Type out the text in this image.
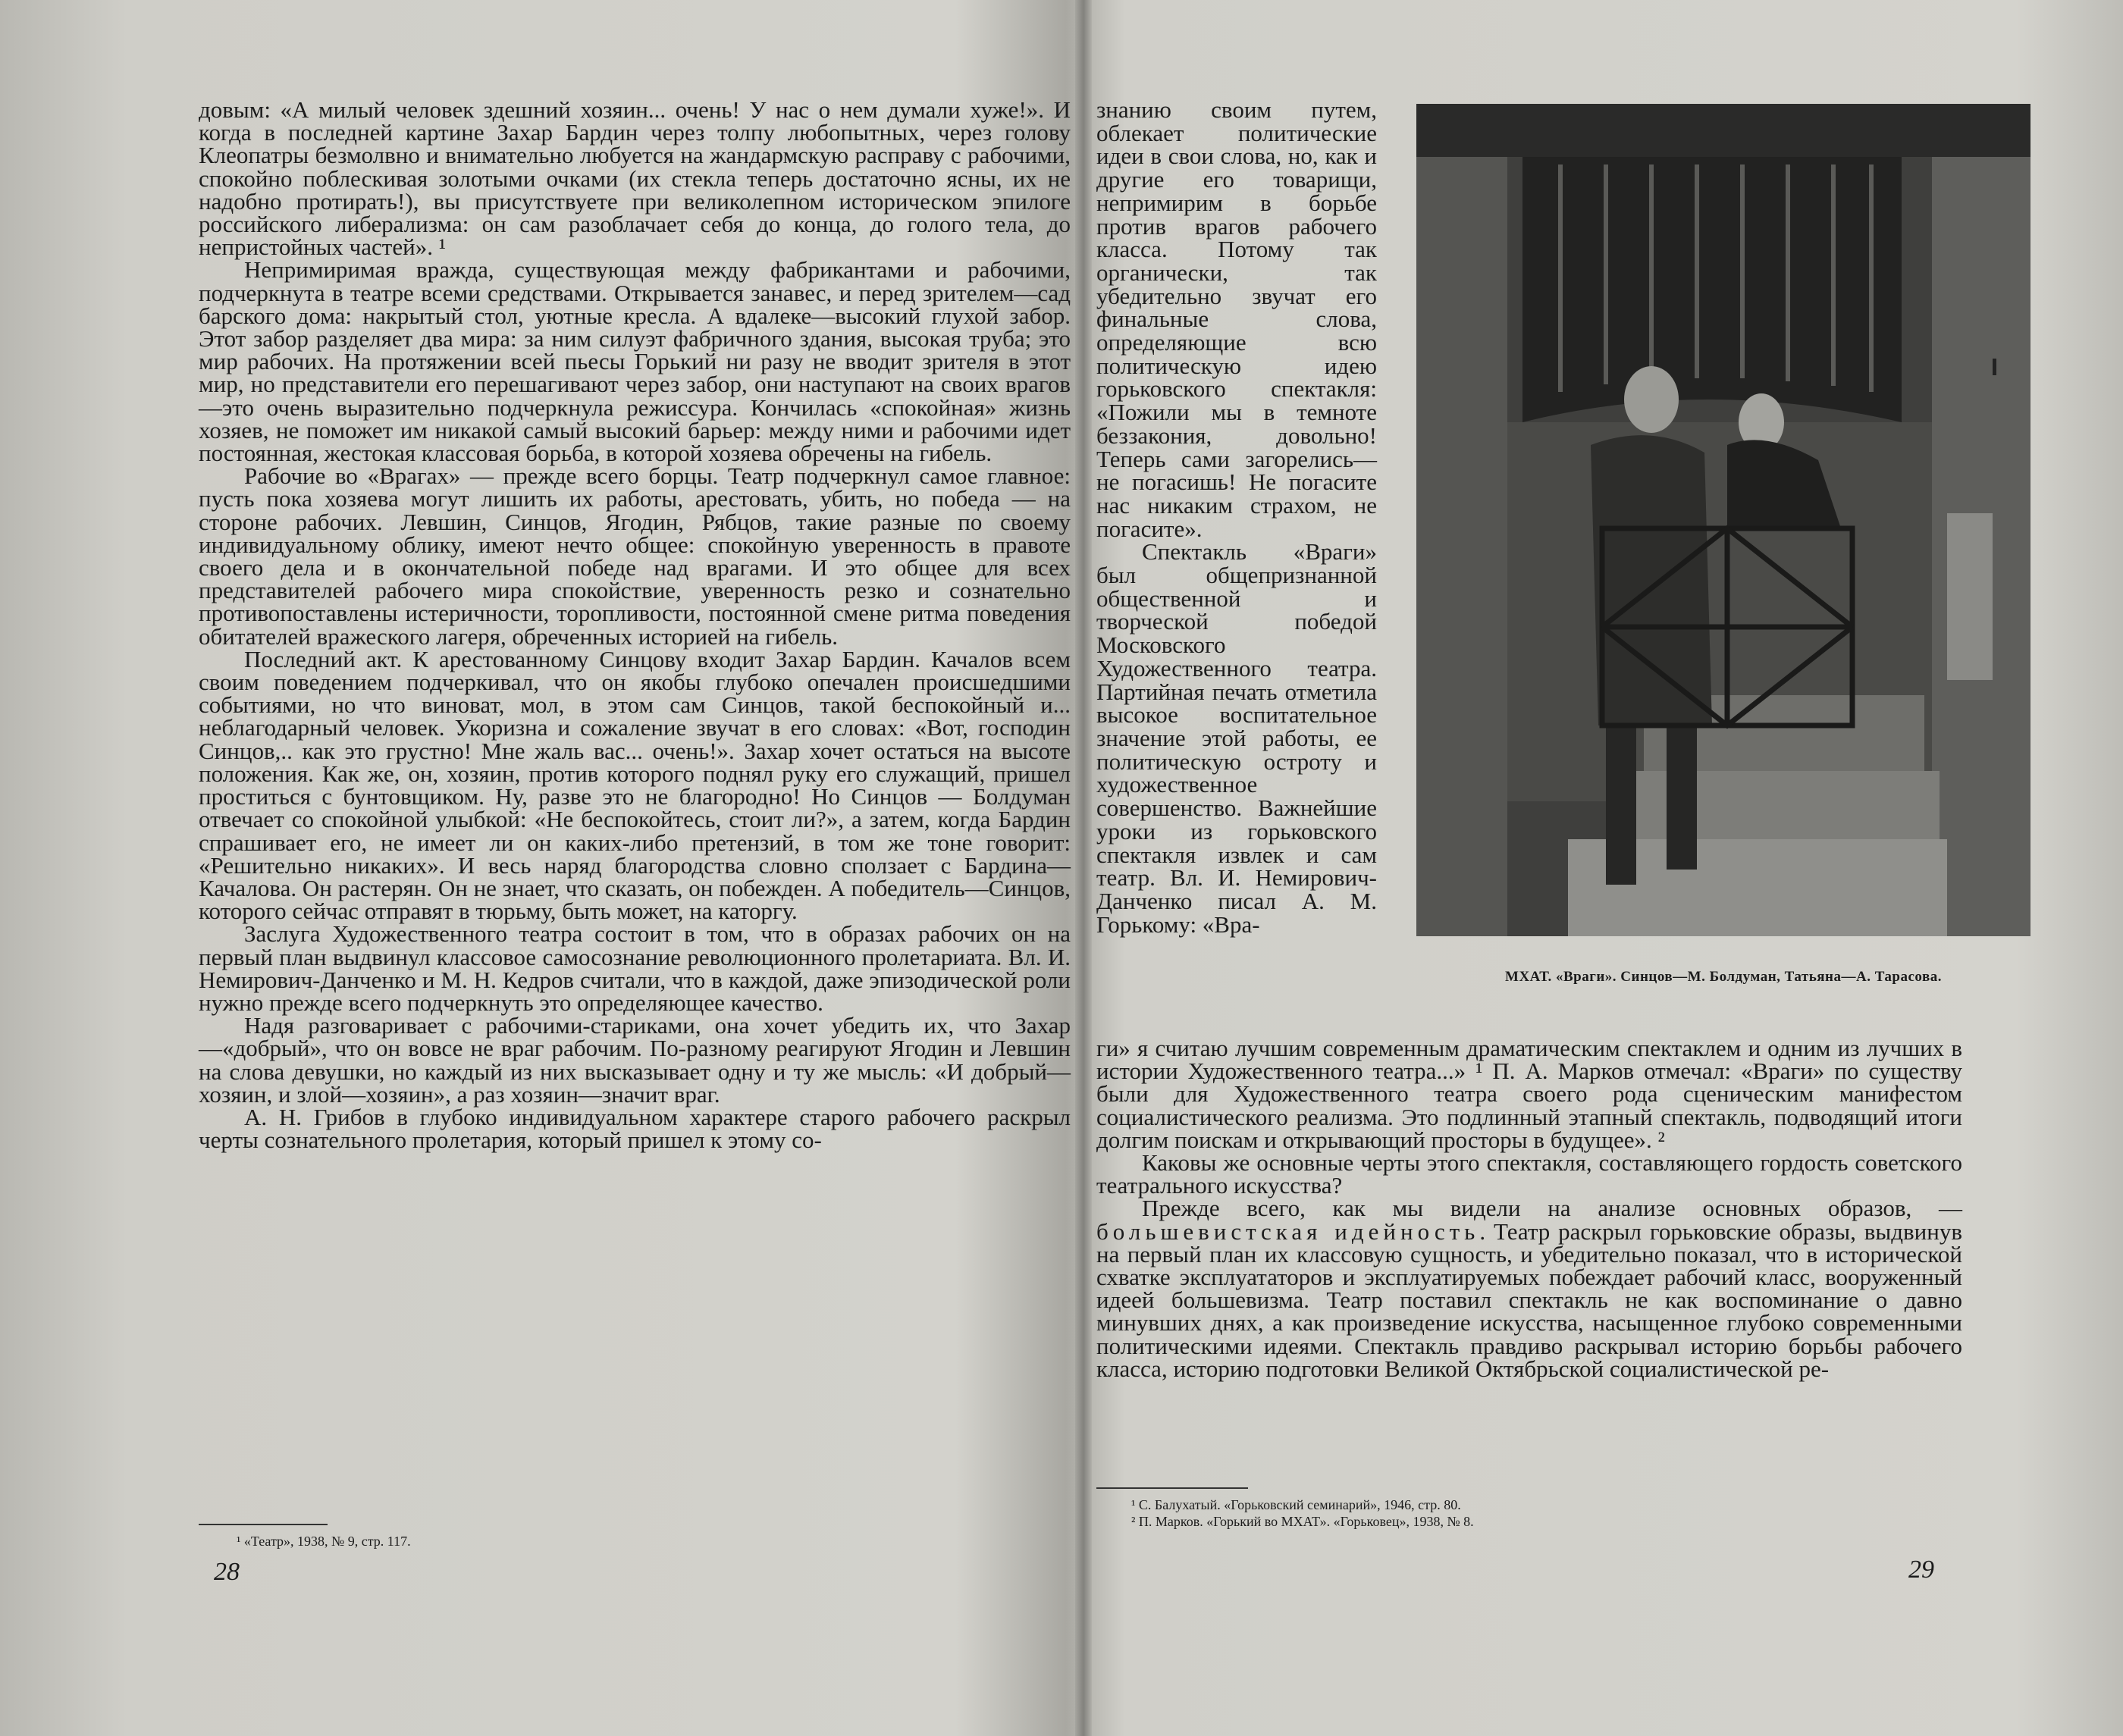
довым: «А милый человек здешний хозяин... очень! У нас о нем думали хуже!». И когда в последней картине Захар Бардин через толпу любопытных, через голову Клеопатры безмолвно и внимательно любуется на жандармскую расправу с рабочими, спокойно поблескивая золотыми очками (их стекла теперь достаточно ясны, их не надобно протирать!), вы присутствуете при великолепном историческом эпилоге российского либерализма: он сам разоблачает себя до конца, до голого тела, до непристойных частей». ¹

Непримиримая вражда, существующая между фабрикантами и рабочими, подчеркнута в театре всеми средствами. Открывается занавес, и перед зрителем—сад барского дома: накрытый стол, уютные кресла. А вдалеке—высокий глухой забор. Этот забор разделяет два мира: за ним силуэт фабричного здания, высокая труба; это мир рабочих. На протяжении всей пьесы Горький ни разу не вводит зрителя в этот мир, но представители его перешагивают через забор, они наступают на своих врагов—это очень выразительно подчеркнула режиссура. Кончилась «спокойная» жизнь хозяев, не поможет им никакой самый высокий барьер: между ними и рабочими идет постоянная, жестокая классовая борьба, в которой хозяева обречены на гибель.

Рабочие во «Врагах» — прежде всего борцы. Театр подчеркнул самое главное: пусть пока хозяева могут лишить их работы, арестовать, убить, но победа — на стороне рабочих. Левшин, Синцов, Ягодин, Рябцов, такие разные по своему индивидуальному облику, имеют нечто общее: спокойную уверенность в правоте своего дела и в окончательной победе над врагами. И это общее для всех представителей рабочего мира спокойствие, уверенность резко и сознательно противопоставлены истеричности, торопливости, постоянной смене ритма поведения обитателей вражеского лагеря, обреченных историей на гибель.

Последний акт. К арестованному Синцову входит Захар Бардин. Качалов всем своим поведением подчеркивал, что он якобы глубоко опечален происшедшими событиями, но что виноват, мол, в этом сам Синцов, такой беспокойный и... неблагодарный человек. Укоризна и сожаление звучат в его словах: «Вот, господин Синцов,.. как это грустно! Мне жаль вас... очень!». Захар хочет остаться на высоте положения. Как же, он, хозяин, против которого поднял руку его служащий, пришел проститься с бунтовщиком. Ну, разве это не благородно! Но Синцов — Болдуман отвечает со спокойной улыбкой: «Не беспокойтесь, стоит ли?», а затем, когда Бардин спрашивает его, не имеет ли он каких-либо претензий, в том же тоне говорит: «Решительно никаких». И весь наряд благородства словно сползает с Бардина—Качалова. Он растерян. Он не знает, что сказать, он побежден. А победитель—Синцов, которого сейчас отправят в тюрьму, быть может, на каторгу.

Заслуга Художественного театра состоит в том, что в образах рабочих он на первый план выдвинул классовое самосознание революционного пролетариата. Вл. И. Немирович-Данченко и М. Н. Кедров считали, что в каждой, даже эпизодической роли нужно прежде всего подчеркнуть это определяющее качество.

Надя разговаривает с рабочими-стариками, она хочет убедить их, что Захар—«добрый», что он вовсе не враг рабочим. По-разному реагируют Ягодин и Левшин на слова девушки, но каждый из них высказывает одну и ту же мысль: «И добрый—хозяин, и злой—хозяин», а раз хозяин—значит враг.

А. Н. Грибов в глубоко индивидуальном характере старого рабочего раскрыл черты сознательного пролетария, который пришел к этому со-

¹ «Театр», 1938, № 9, стр. 117.
28

знанию своим путем, облекает политические идеи в свои слова, но, как и другие его товарищи, непримирим в борьбе против врагов рабочего класса. Потому так органически, так убедительно звучат его финальные слова, определяющие всю политическую идею горьковского спектакля: «Пожили мы в темноте беззакония, довольно! Теперь сами загорелись— не погасишь! Не погасите нас никаким страхом, не погасите».

Спектакль «Враги» был общепризнанной общественной и творческой победой Московского Художественного театра. Партийная печать отметила высокое воспитательное значение этой работы, ее политическую остроту и художественное совершенство. Важнейшие уроки из горьковского спектакля извлек и сам театр. Вл. И. Немирович-Данченко писал А. М. Горькому: «Вра-

МХАТ. «Враги». Синцов—М. Болдуман, Татьяна—А. Тарасова.

ги» я считаю лучшим современным драматическим спектаклем и одним из лучших в истории Художественного театра...» ¹ П. А. Марков отмечал: «Враги» по существу были для Художественного театра своего рода сценическим манифестом социалистического реализма. Это подлинный этапный спектакль, подводящий итоги долгим поискам и открывающий просторы в будущее». ²

Каковы же основные черты этого спектакля, составляющего гордость советского театрального искусства?

Прежде всего, как мы видели на анализе основных образов, — большевистская идейность. Театр раскрыл горьковские образы, выдвинув на первый план их классовую сущность, и убедительно показал, что в исторической схватке эксплуататоров и эксплуатируемых побеждает рабочий класс, вооруженный идеей большевизма. Театр поставил спектакль не как воспоминание о давно минувших днях, а как произведение искусства, насыщенное глубоко современными политическими идеями. Спектакль правдиво раскрывал историю борьбы рабочего класса, историю подготовки Великой Октябрьской социалистической ре-

¹ С. Балухатый. «Горьковский семинарий», 1946, стр. 80.
² П. Марков. «Горький во МХАТ». «Горьковец», 1938, № 8.
29
